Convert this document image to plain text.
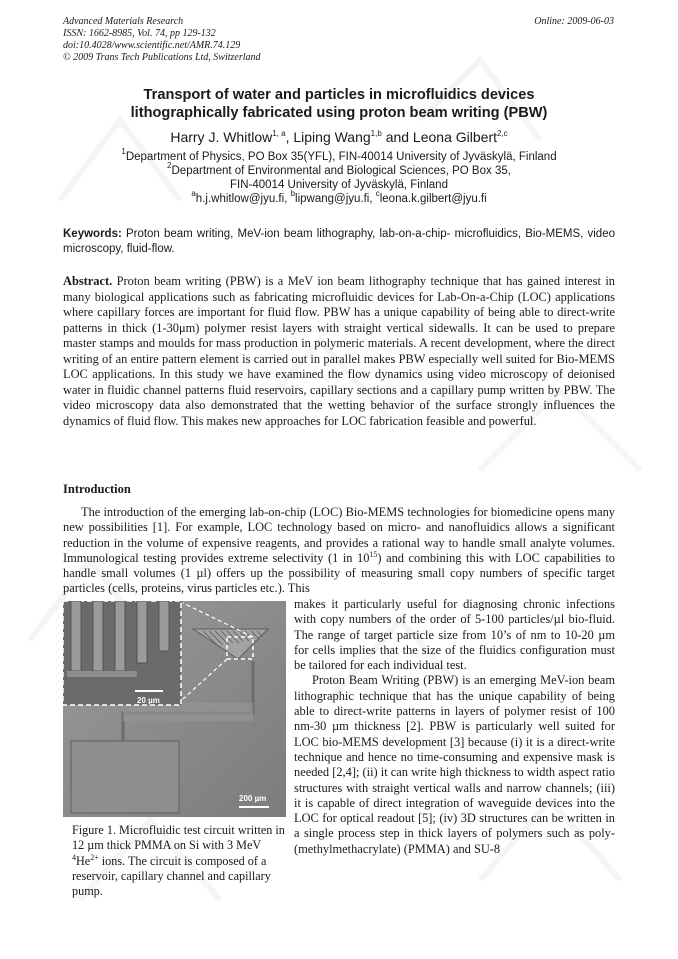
Advanced Materials Research
ISSN: 1662-8985, Vol. 74, pp 129-132
doi:10.4028/www.scientific.net/AMR.74.129
© 2009 Trans Tech Publications Ltd, Switzerland
Online: 2009-06-03
Transport of water and particles in microfluidics devices
lithographically fabricated using proton beam writing (PBW)
Harry J. Whitlow$^{1, a}$, Liping Wang$^{1,b}$ and Leona Gilbert$^{2,c}$
$^1$Department of Physics, PO Box 35(YFL), FIN-40014 University of Jyväskylä, Finland
$^2$Department of Environmental and Biological Sciences, PO Box 35,
FIN-40014 University of Jyväskylä, Finland
$^a$h.j.whitlow@jyu.fi, $^b$lipwang@jyu.fi, $^c$leona.k.gilbert@jyu.fi
Keywords: Proton beam writing, MeV-ion beam lithography, lab-on-a-chip- microfluidics, Bio-MEMS, video microscopy, fluid-flow.
Abstract. Proton beam writing (PBW) is a MeV ion beam lithography technique that has gained interest in many biological applications such as fabricating microfluidic devices for Lab-On-a-Chip (LOC) applications where capillary forces are important for fluid flow. PBW has a unique capability of being able to direct-write patterns in thick (1-30μm) polymer resist layers with straight vertical sidewalls. It can be used to prepare master stamps and moulds for mass production in polymeric materials. A recent development, where the direct writing of an entire pattern element is carried out in parallel makes PBW especially well suited for Bio-MEMS LOC applications. In this study we have examined the flow dynamics using video microscopy of deionised water in fluidic channel patterns fluid reservoirs, capillary sections and a capillary pump written by PBW. The video microscopy data also demonstrated that the wetting behavior of the surface strongly influences the dynamics of fluid flow. This makes new approaches for LOC fabrication feasible and powerful.
Introduction

The introduction of the emerging lab-on-chip (LOC) Bio-MEMS technologies for biomedicine opens many new possibilities [1]. For example, LOC technology based on micro- and nanofluidics allows a significant reduction in the volume of expensive reagents, and provides a rational way to handle small analyte volumes. Immunological testing provides extreme selectivity (1 in $10^{15}$) and combining this with LOC capabilities to handle small volumes (1 µl) offers up the possibility of measuring small copy numbers of specific target particles (cells, proteins, virus particles etc.). This

20 µm
200 µm
Figure 1. Microfluidic test circuit written in 12 µm thick PMMA on Si with 3 MeV $^4He^{2+}$ ions. The circuit is composed of a reservoir, capillary channel and capillary pump.

makes it particularly useful for diagnosing chronic infections with copy numbers of the order of 5-100 particles/µl bio-fluid. The range of target particle size from 10’s of nm to 10-20 µm for cells implies that the size of the fluidics configuration must be tailored for each individual test.

Proton Beam Writing (PBW) is an emerging MeV-ion beam lithographic technique that has the unique capability of being able to direct-write patterns in layers of polymer resist of 100 nm-30 µm thickness [2]. PBW is particularly well suited for LOC bio-MEMS development [3] because (i) it is a direct-write technique and hence no time-consuming and expensive mask is needed [2,4]; (ii) it can write high thickness to width aspect ratio structures with straight vertical walls and narrow channels; (iii) it is capable of direct integration of waveguide devices into the LOC for optical readout [5]; (iv) 3D structures can be written in a single process step in thick layers of polymers such as poly-(methylmethacrylate) (PMMA) and SU-8
